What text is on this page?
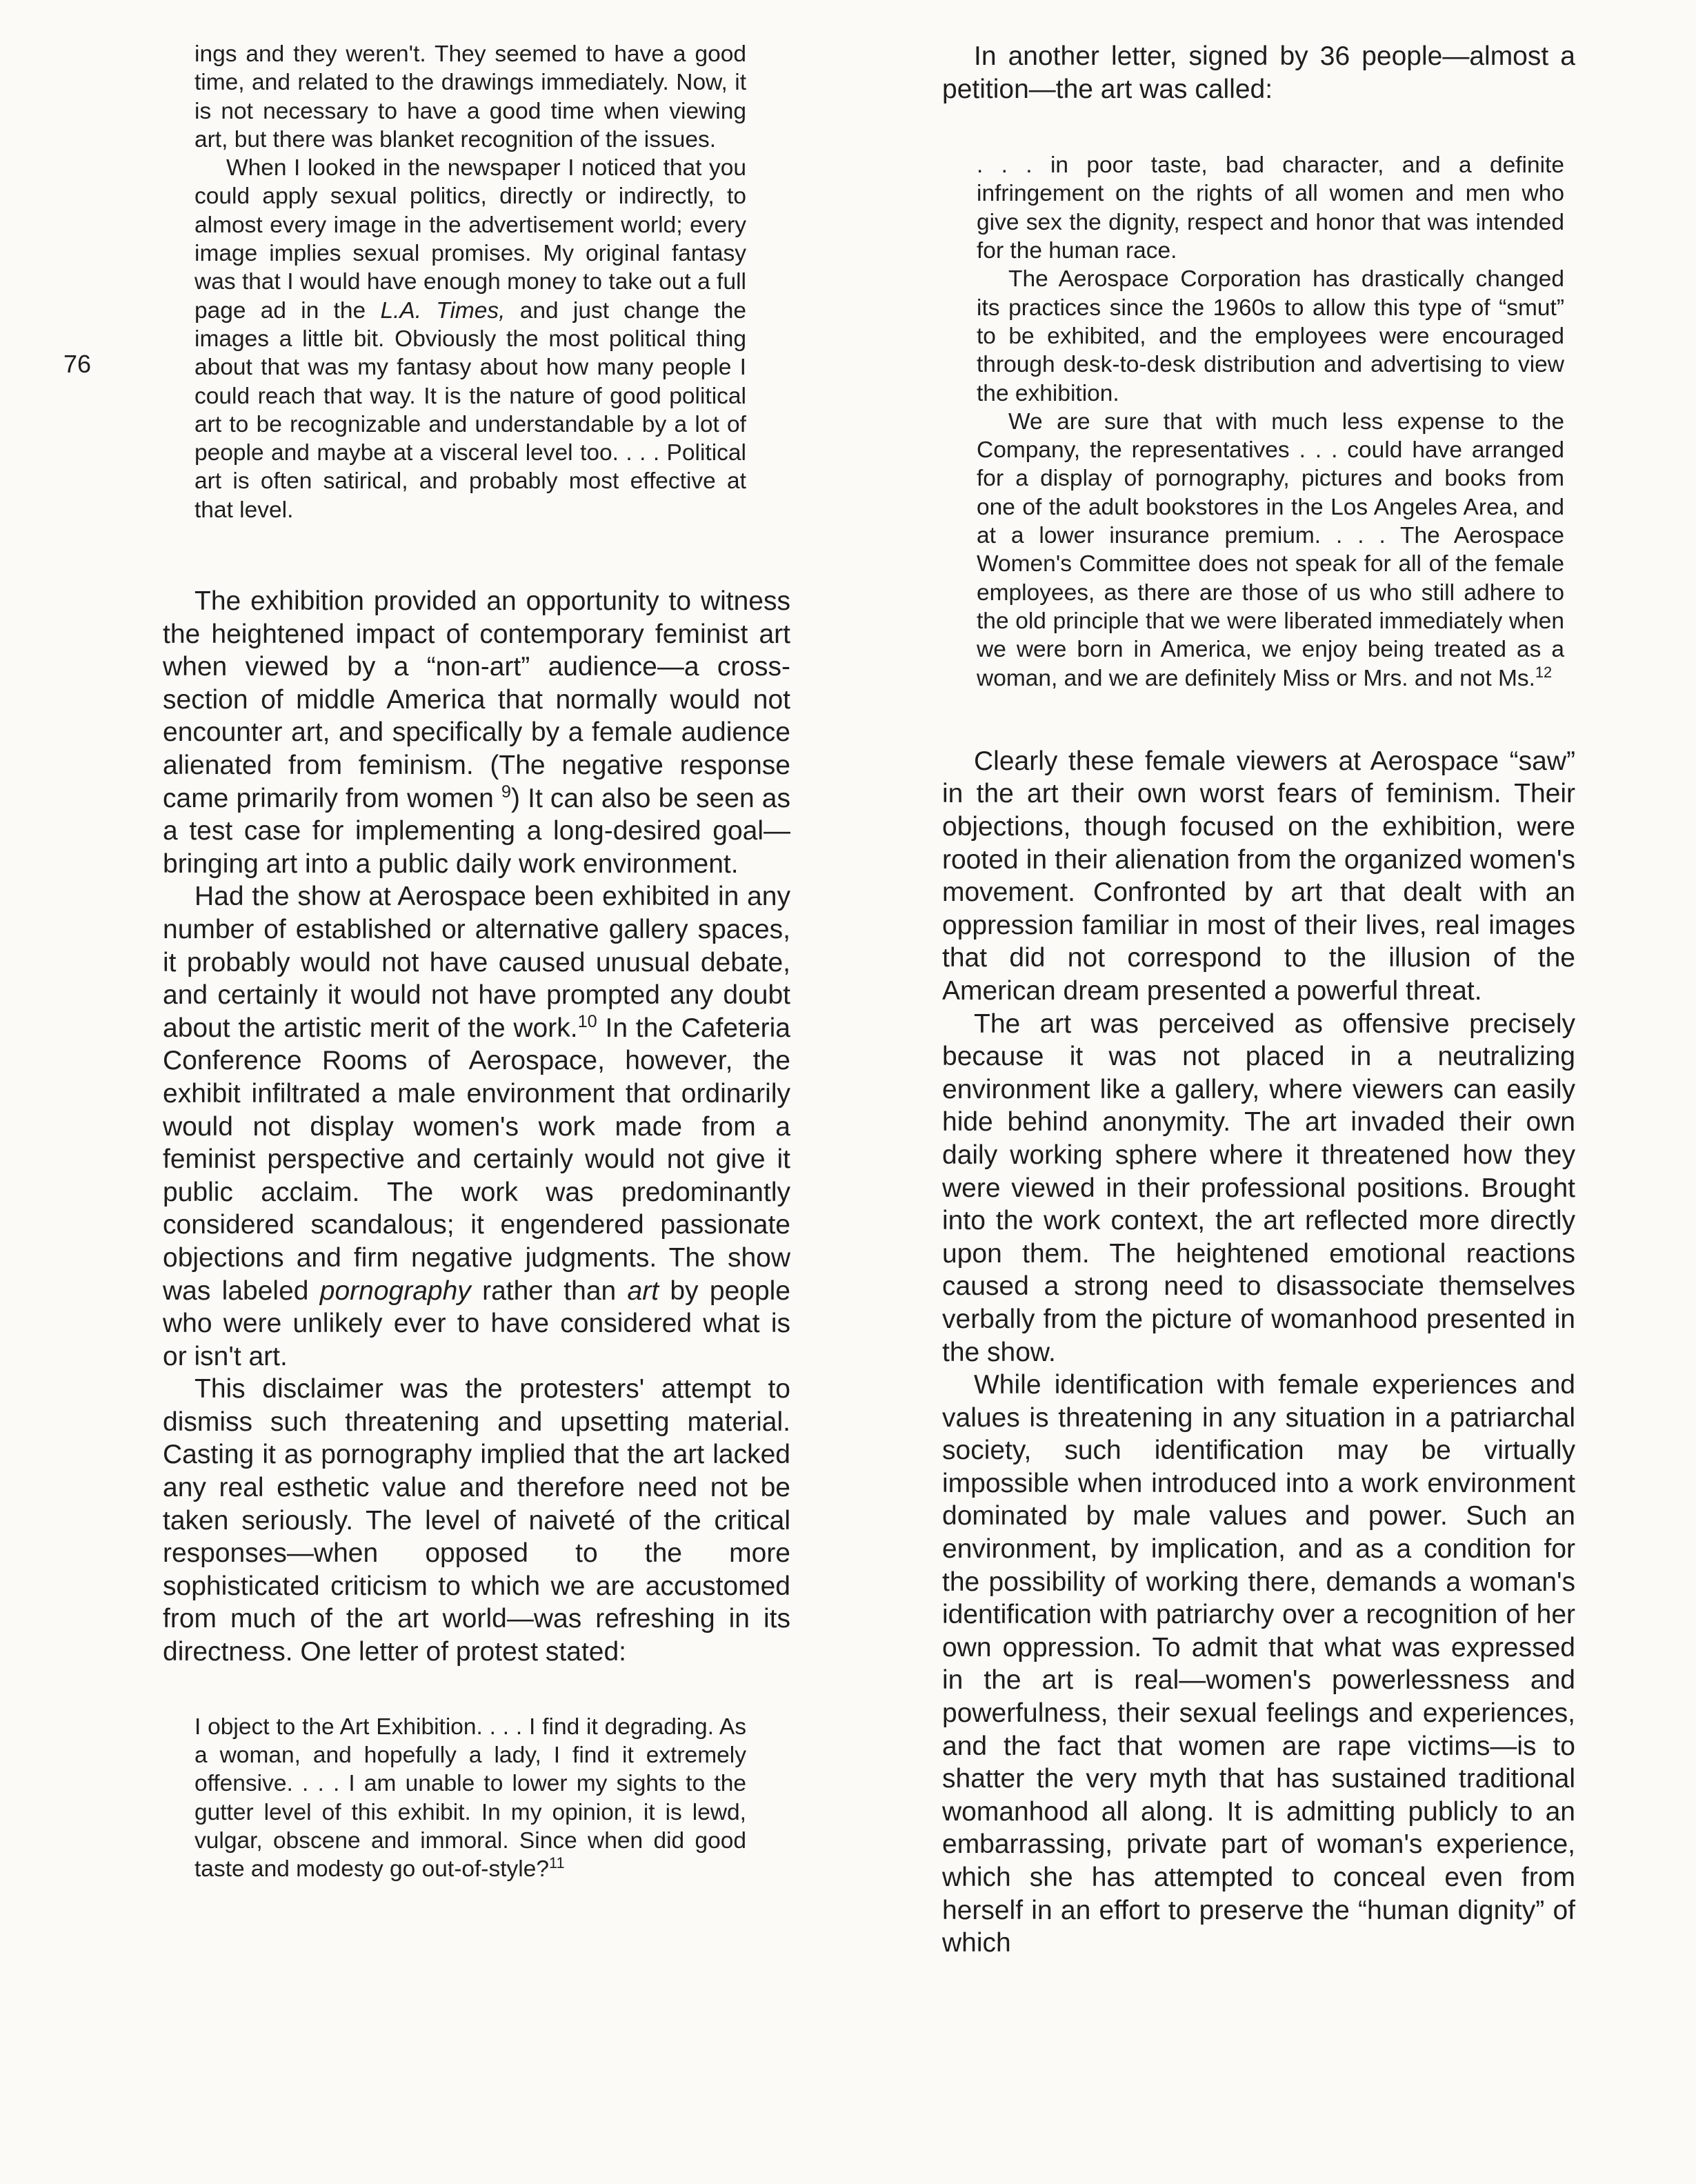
76

ings and they weren't. They seemed to have a good time, and related to the drawings immediately. Now, it is not necessary to have a good time when viewing art, but there was blanket recognition of the issues.

When I looked in the newspaper I noticed that you could apply sexual politics, directly or indirectly, to almost every image in the advertisement world; every image implies sexual promises. My original fantasy was that I would have enough money to take out a full page ad in the L.A. Times, and just change the images a little bit. Obviously the most political thing about that was my fantasy about how many people I could reach that way. It is the nature of good political art to be recognizable and understandable by a lot of people and maybe at a visceral level too. . . . Political art is often satirical, and probably most effective at that level.

The exhibition provided an opportunity to witness the heightened impact of contemporary feminist art when viewed by a “non-art” audience—a cross-section of middle America that normally would not encounter art, and specifically by a female audience alienated from feminism. (The negative response came primarily from women $^9$) It can also be seen as a test case for implementing a long-desired goal—bringing art into a public daily work environment.

Had the show at Aerospace been exhibited in any number of established or alternative gallery spaces, it probably would not have caused unusual debate, and certainly it would not have prompted any doubt about the artistic merit of the work.$^{10}$ In the Cafeteria Conference Rooms of Aerospace, however, the exhibit infiltrated a male environment that ordinarily would not display women's work made from a feminist perspective and certainly would not give it public acclaim. The work was predominantly considered scandalous; it engendered passionate objections and firm negative judgments. The show was labeled pornography rather than art by people who were unlikely ever to have considered what is or isn't art.

This disclaimer was the protesters' attempt to dismiss such threatening and upsetting material. Casting it as pornography implied that the art lacked any real esthetic value and therefore need not be taken seriously. The level of naiveté of the critical responses—when opposed to the more sophisticated criticism to which we are accustomed from much of the art world—was refreshing in its directness. One letter of protest stated:

I object to the Art Exhibition. . . . I find it degrading. As a woman, and hopefully a lady, I find it extremely offensive. . . . I am unable to lower my sights to the gutter level of this exhibit. In my opinion, it is lewd, vulgar, obscene and immoral. Since when did good taste and modesty go out-of-style?$^{11}$

In another letter, signed by 36 people—almost a petition—the art was called:

. . . in poor taste, bad character, and a definite infringement on the rights of all women and men who give sex the dignity, respect and honor that was intended for the human race.

The Aerospace Corporation has drastically changed its practices since the 1960s to allow this type of “smut” to be exhibited, and the employees were encouraged through desk-to-desk distribution and advertising to view the exhibition.

We are sure that with much less expense to the Company, the representatives . . . could have arranged for a display of pornography, pictures and books from one of the adult bookstores in the Los Angeles Area, and at a lower insurance premium. . . . The Aerospace Women's Committee does not speak for all of the female employees, as there are those of us who still adhere to the old principle that we were liberated immediately when we were born in America, we enjoy being treated as a woman, and we are definitely Miss or Mrs. and not Ms.$^{12}$

Clearly these female viewers at Aerospace “saw” in the art their own worst fears of feminism. Their objections, though focused on the exhibition, were rooted in their alienation from the organized women's movement. Confronted by art that dealt with an oppression familiar in most of their lives, real images that did not correspond to the illusion of the American dream presented a powerful threat.

The art was perceived as offensive precisely because it was not placed in a neutralizing environment like a gallery, where viewers can easily hide behind anonymity. The art invaded their own daily working sphere where it threatened how they were viewed in their professional positions. Brought into the work context, the art reflected more directly upon them. The heightened emotional reactions caused a strong need to disassociate themselves verbally from the picture of womanhood presented in the show.

While identification with female experiences and values is threatening in any situation in a patriarchal society, such identification may be virtually impossible when introduced into a work environment dominated by male values and power. Such an environment, by implication, and as a condition for the possibility of working there, demands a woman's identification with patriarchy over a recognition of her own oppression. To admit that what was expressed in the art is real—women's powerlessness and powerfulness, their sexual feelings and experiences, and the fact that women are rape victims—is to shatter the very myth that has sustained traditional womanhood all along. It is admitting publicly to an embarrassing, private part of woman's experience, which she has attempted to conceal even from herself in an effort to preserve the “human dignity” of which
